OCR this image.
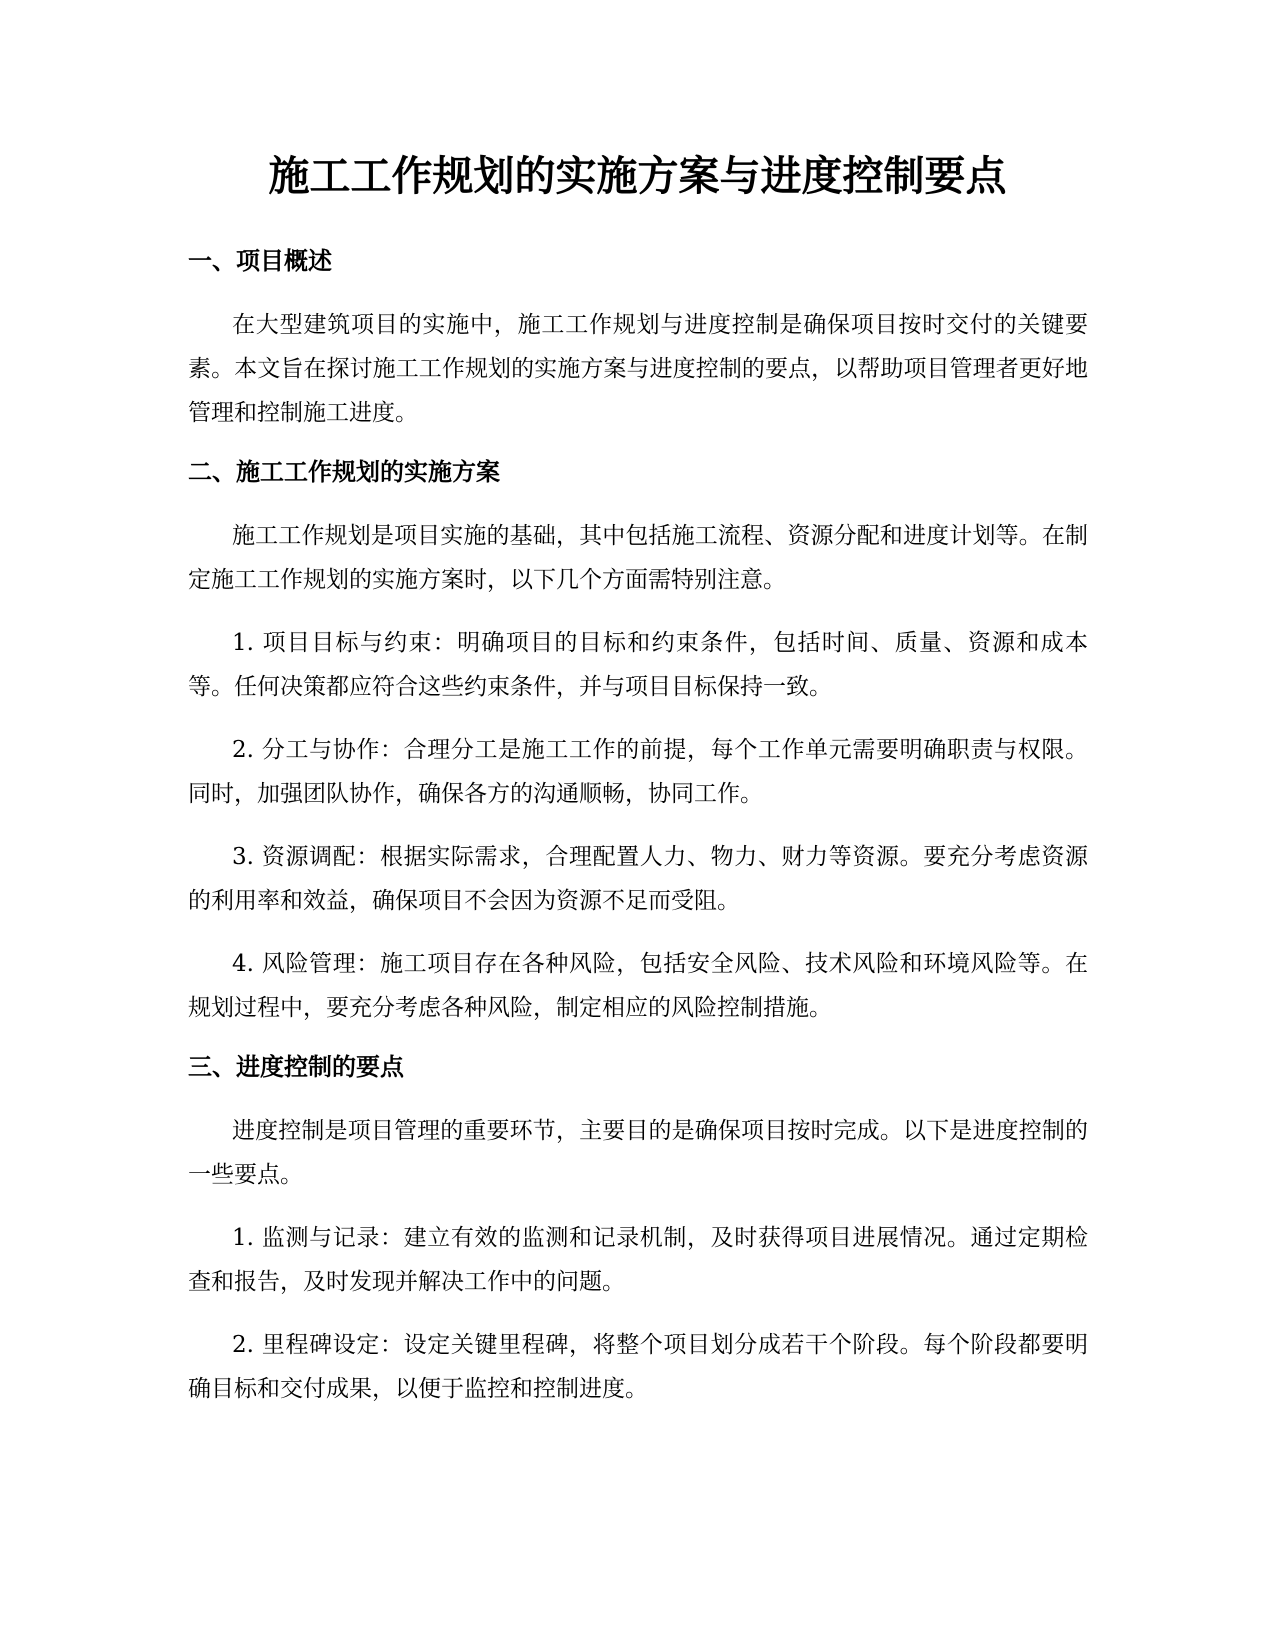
施工工作规划的实施方案与进度控制要点
一、项目概述

在大型建筑项目的实施中，施工工作规划与进度控制是确保项目按时交付的关键要素。本文旨在探讨施工工作规划的实施方案与进度控制的要点，以帮助项目管理者更好地管理和控制施工进度。

二、施工工作规划的实施方案

施工工作规划是项目实施的基础，其中包括施工流程、资源分配和进度计划等。在制定施工工作规划的实施方案时，以下几个方面需特别注意。

1. 项目目标与约束：明确项目的目标和约束条件，包括时间、质量、资源和成本等。任何决策都应符合这些约束条件，并与项目目标保持一致。

2. 分工与协作：合理分工是施工工作的前提，每个工作单元需要明确职责与权限。同时，加强团队协作，确保各方的沟通顺畅，协同工作。

3. 资源调配：根据实际需求，合理配置人力、物力、财力等资源。要充分考虑资源的利用率和效益，确保项目不会因为资源不足而受阻。

4. 风险管理：施工项目存在各种风险，包括安全风险、技术风险和环境风险等。在规划过程中，要充分考虑各种风险，制定相应的风险控制措施。

三、进度控制的要点

进度控制是项目管理的重要环节，主要目的是确保项目按时完成。以下是进度控制的一些要点。

1. 监测与记录：建立有效的监测和记录机制，及时获得项目进展情况。通过定期检查和报告，及时发现并解决工作中的问题。

2. 里程碑设定：设定关键里程碑，将整个项目划分成若干个阶段。每个阶段都要明确目标和交付成果，以便于监控和控制进度。
